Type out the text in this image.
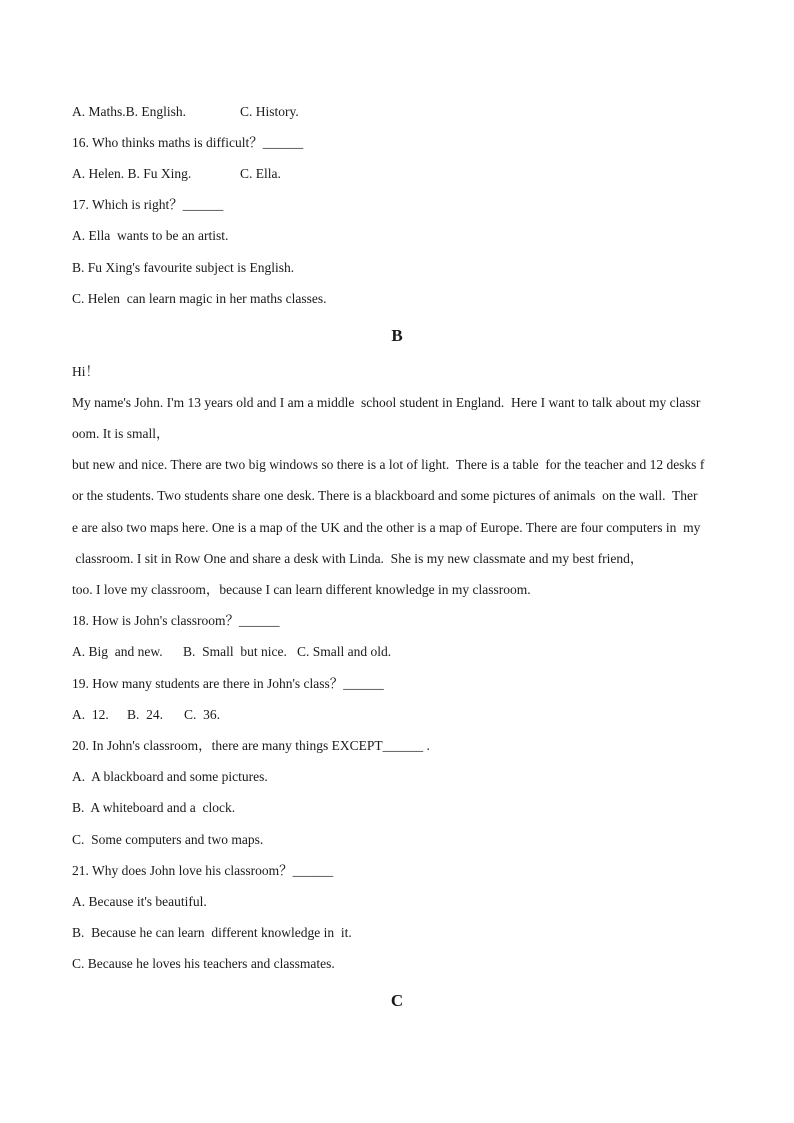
A. Maths.B. English.	C. History.
16. Who thinks maths is difficult？______
A. Helen. B. Fu Xing.	C. Ella.
17. Which is right？______
A. Ella  wants to be an artist.
B. Fu Xing's favourite subject is English.
C. Helen  can learn magic in her maths classes.
B
Hi！
My name's John. I'm 13 years old and I am a middle  school student in England.  Here I want to talk about my classr
oom. It is small，
but new and nice. There are two big windows so there is a lot of light.  There is a table  for the teacher and 12 desks f
or the students. Two students share one desk. There is a blackboard and some pictures of animals  on the wall.  Ther
e are also two maps here. One is a map of the UK and the other is a map of Europe. There are four computers in  my
classroom. I sit in Row One and share a desk with Linda.  She is my new classmate and my best friend，
too. I love my classroom，because I can learn different knowledge in my classroom.
18. How is John's classroom？______
A. Big  and new. B.  Small  but nice. C. Small and old.
19. How many students are there in John's class？______
A.  12. B.  24. C.  36.
20. In John's classroom，there are many things EXCEPT______ .
A.  A blackboard and some pictures.
B.  A whiteboard and a  clock.
C.  Some computers and two maps.
21. Why does John love his classroom？______
A. Because it's beautiful.
B.  Because he can learn  different knowledge in  it.
C. Because he loves his teachers and classmates.
C
